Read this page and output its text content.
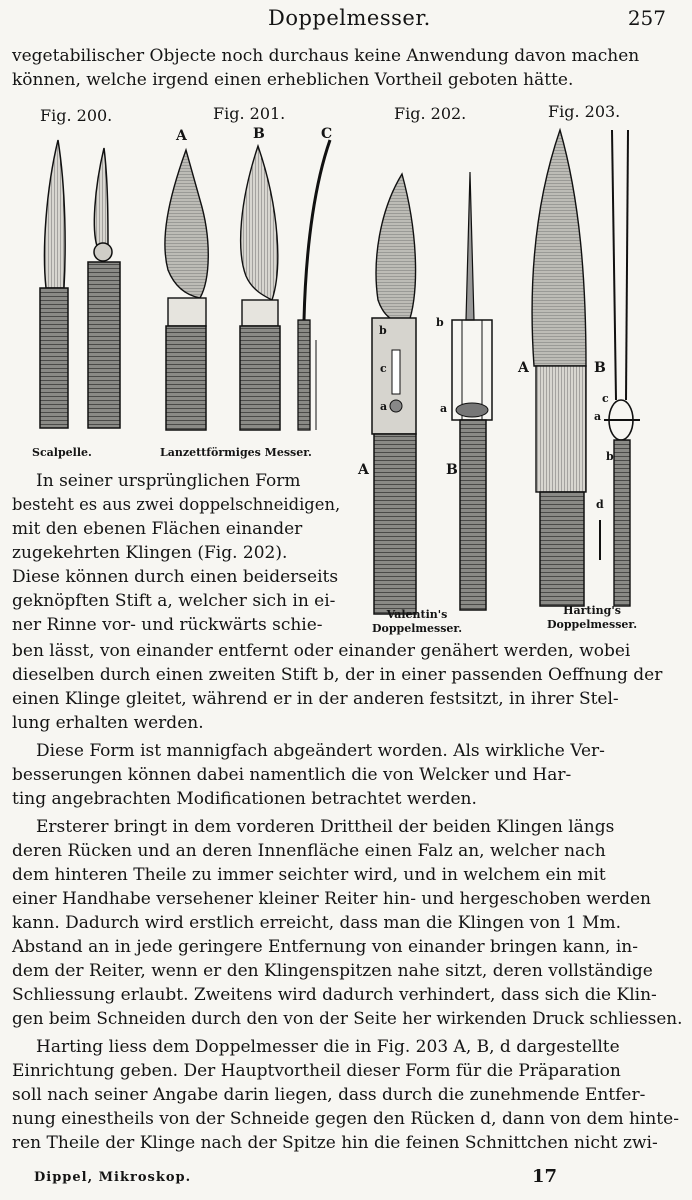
Doppelmesser.	257
vegetabilischer Objecte noch durchaus keine Anwendung davon machen
können, welche irgend einen erheblichen Vortheil geboten hätte.
Fig. 200.	Fig. 201.	Fig. 202.	Fig. 203.
A	B	C
b
c
a
b
a
A	B
A	B
c
a
b
d
Scalpelle.	Lanzettförmiges Messer.
Valentin's
Doppelmesser.
Harting's
Doppelmesser.
In seiner ursprünglichen Form
besteht es aus zwei doppelschneidigen,
mit den ebenen Flächen einander
zugekehrten Klingen (Fig. 202).
Diese können durch einen beiderseits
geknöpften Stift a, welcher sich in ei-
ner Rinne vor- und rückwärts schie-
ben lässt, von einander entfernt oder einander genähert werden, wobei
dieselben durch einen zweiten Stift b, der in einer passenden Oeffnung der
einen Klinge gleitet, während er in der anderen festsitzt, in ihrer Stel-
lung erhalten werden.
Diese Form ist mannigfach abgeändert worden. Als wirkliche Ver-
besserungen können dabei namentlich die von Welcker und Har-
ting angebrachten Modificationen betrachtet werden.
Ersterer bringt in dem vorderen Drittheil der beiden Klingen längs
deren Rücken und an deren Innenfläche einen Falz an, welcher nach
dem hinteren Theile zu immer seichter wird, und in welchem ein mit
einer Handhabe versehener kleiner Reiter hin- und hergeschoben werden
kann. Dadurch wird erstlich erreicht, dass man die Klingen von 1 Mm.
Abstand an in jede geringere Entfernung von einander bringen kann, in-
dem der Reiter, wenn er den Klingenspitzen nahe sitzt, deren vollständige
Schliessung erlaubt. Zweitens wird dadurch verhindert, dass sich die Klin-
gen beim Schneiden durch den von der Seite her wirkenden Druck schliessen.
Harting liess dem Doppelmesser die in Fig. 203 A, B, d dargestellte
Einrichtung geben. Der Hauptvortheil dieser Form für die Präparation
soll nach seiner Angabe darin liegen, dass durch die zunehmende Entfer-
nung einestheils von der Schneide gegen den Rücken d, dann von dem hinte-
ren Theile der Klinge nach der Spitze hin die feinen Schnittchen nicht zwi-
Dippel, Mikroskop.	17
